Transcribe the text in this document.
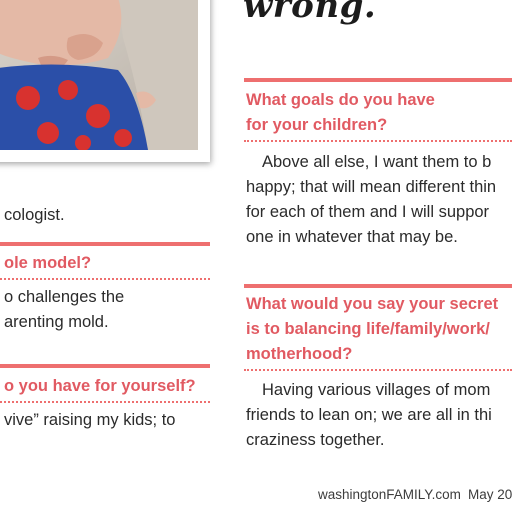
wrong.
cologist.
ole model?
o challenges the
arenting mold.
o you have for yourself?
vive” raising my kids; to
What goals do you have
for your children?
Above all else, I want them to b
happy; that will mean different thin
for each of them and I will suppor
one in whatever that may be.
What would you say your secret
is to balancing life/family/work/
motherhood?
Having various villages of mom
friends to lean on; we are all in thi
craziness together.
washingtonFAMILY.com May 20
